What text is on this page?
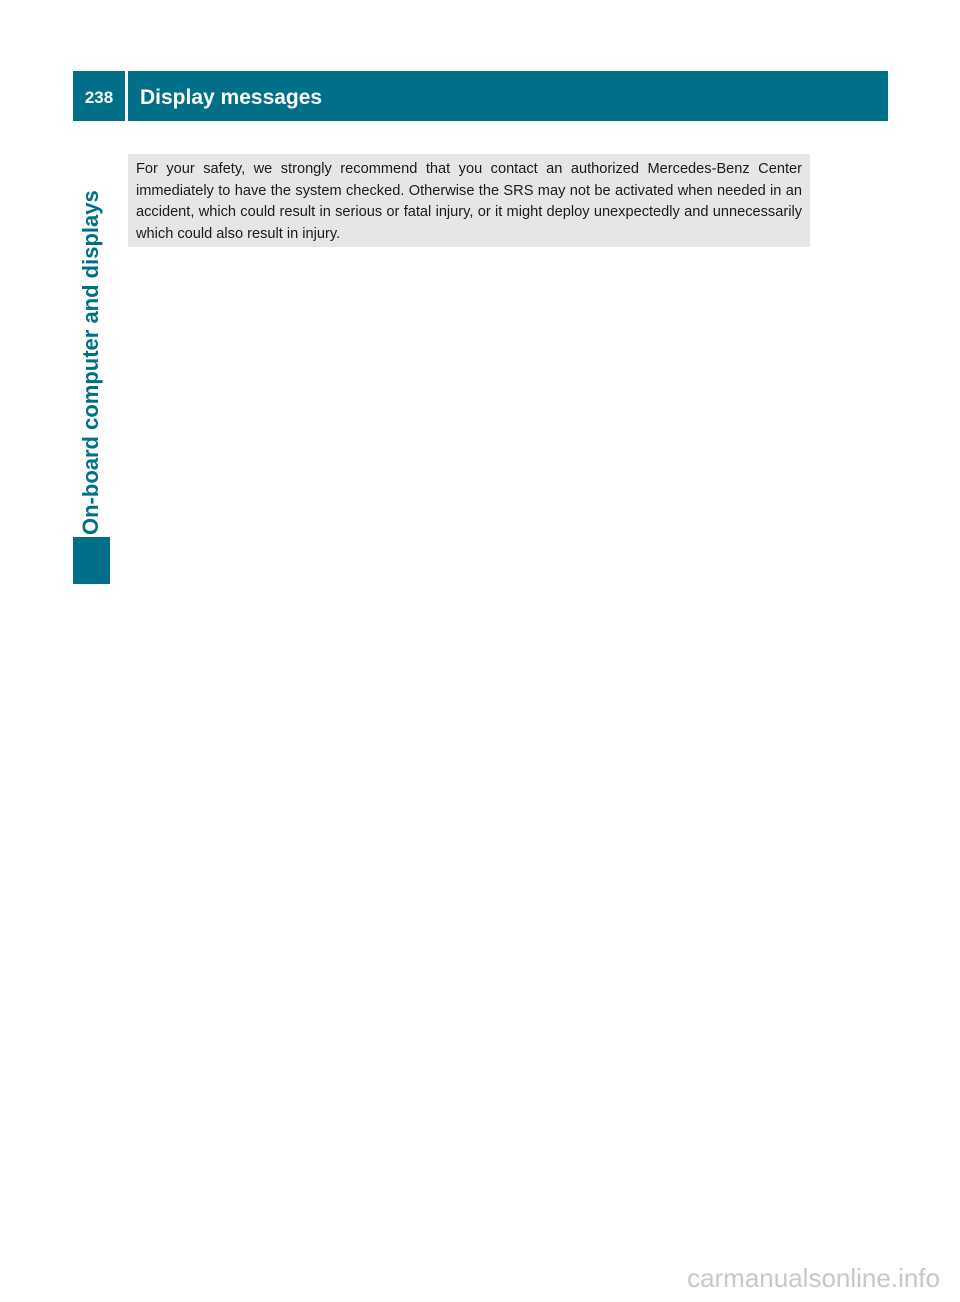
238	Display messages
On-board computer and displays

For your safety, we strongly recommend that you contact an authorized Mercedes-Benz Center immediately to have the system checked. Otherwise the SRS may not be activated when needed in an accident, which could result in serious or fatal injury, or it might deploy unexpectedly and unnecessarily which could also result in injury.

carmanualsonline.info
